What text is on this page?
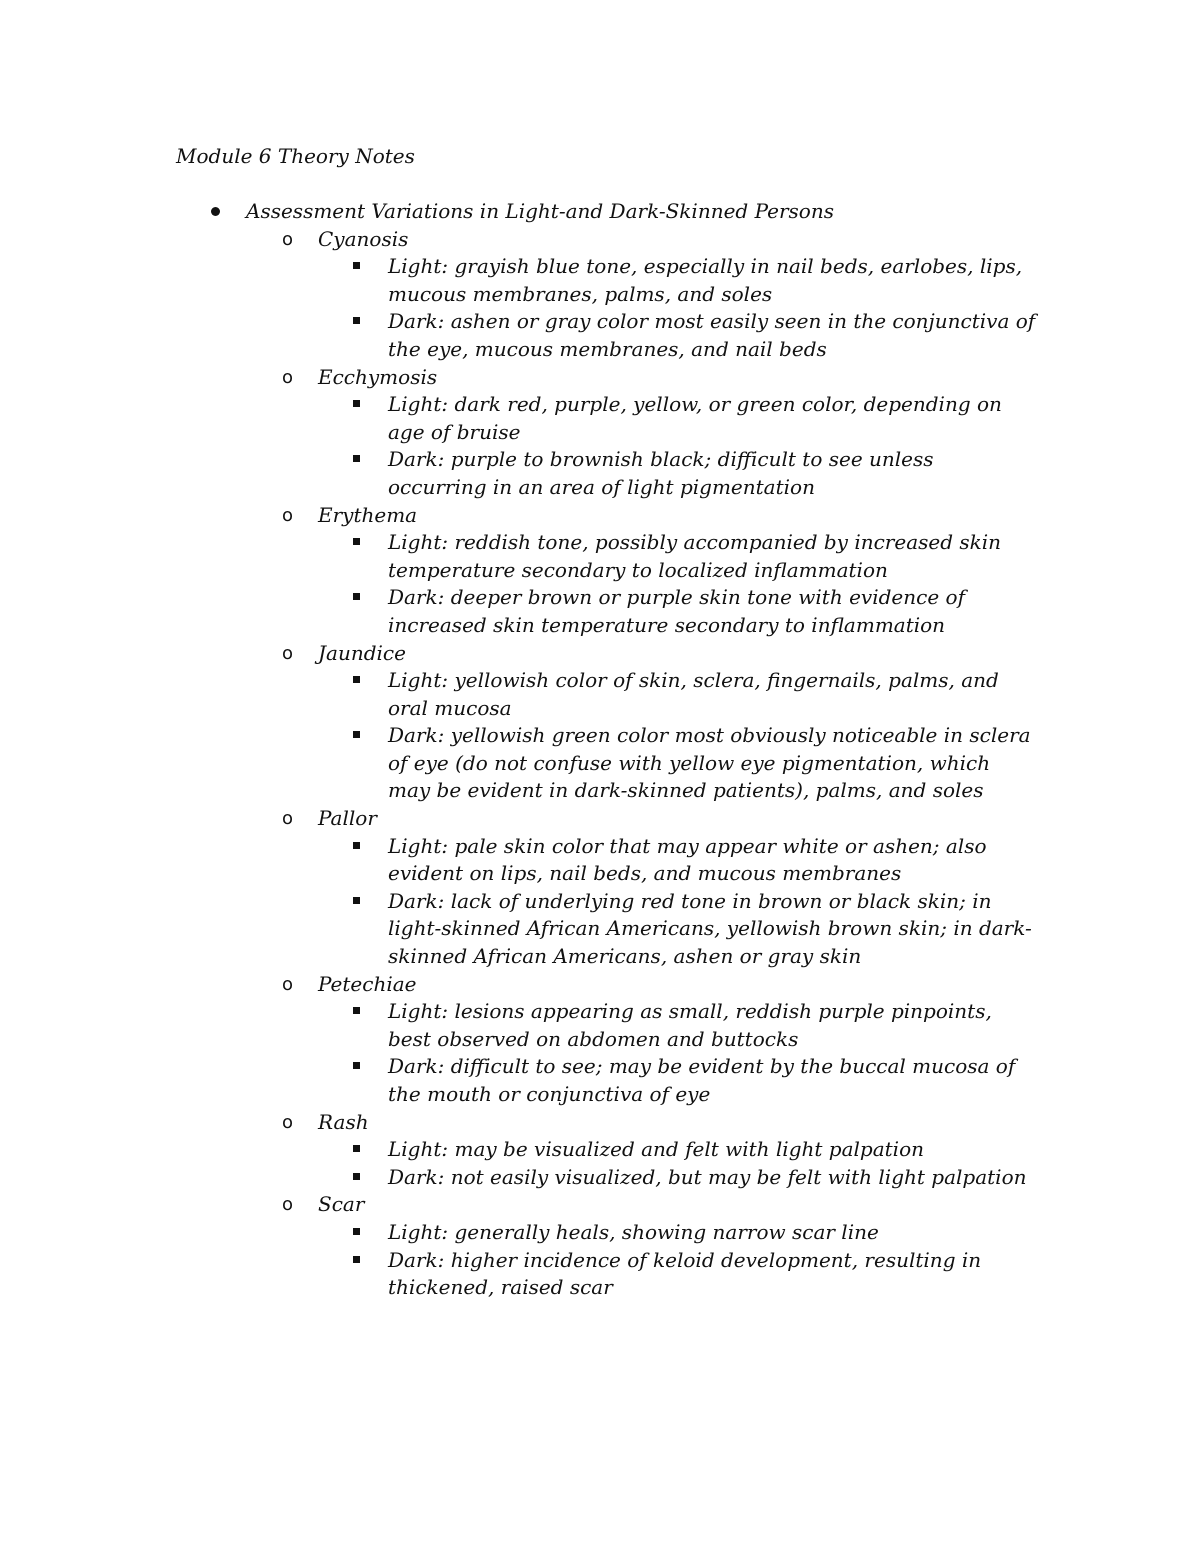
Module 6 Theory Notes
Assessment Variations in Light-and Dark-Skinned Persons
o Cyanosis
Light: grayish blue tone, especially in nail beds, earlobes, lips, mucous membranes, palms, and soles
Dark: ashen or gray color most easily seen in the conjunctiva of the eye, mucous membranes, and nail beds
o Ecchymosis
Light: dark red, purple, yellow, or green color, depending on age of bruise
Dark: purple to brownish black; difficult to see unless occurring in an area of light pigmentation
o Erythema
Light: reddish tone, possibly accompanied by increased skin temperature secondary to localized inflammation
Dark: deeper brown or purple skin tone with evidence of increased skin temperature secondary to inflammation
o Jaundice
Light: yellowish color of skin, sclera, fingernails, palms, and oral mucosa
Dark: yellowish green color most obviously noticeable in sclera of eye (do not confuse with yellow eye pigmentation, which may be evident in dark-skinned patients), palms, and soles
o Pallor
Light: pale skin color that may appear white or ashen; also evident on lips, nail beds, and mucous membranes
Dark: lack of underlying red tone in brown or black skin; in light-skinned African Americans, yellowish brown skin; in dark-skinned African Americans, ashen or gray skin
o Petechiae
Light: lesions appearing as small, reddish purple pinpoints, best observed on abdomen and buttocks
Dark: difficult to see; may be evident by the buccal mucosa of the mouth or conjunctiva of eye
o Rash
Light: may be visualized and felt with light palpation
Dark: not easily visualized, but may be felt with light palpation
o Scar
Light: generally heals, showing narrow scar line
Dark: higher incidence of keloid development, resulting in thickened, raised scar
